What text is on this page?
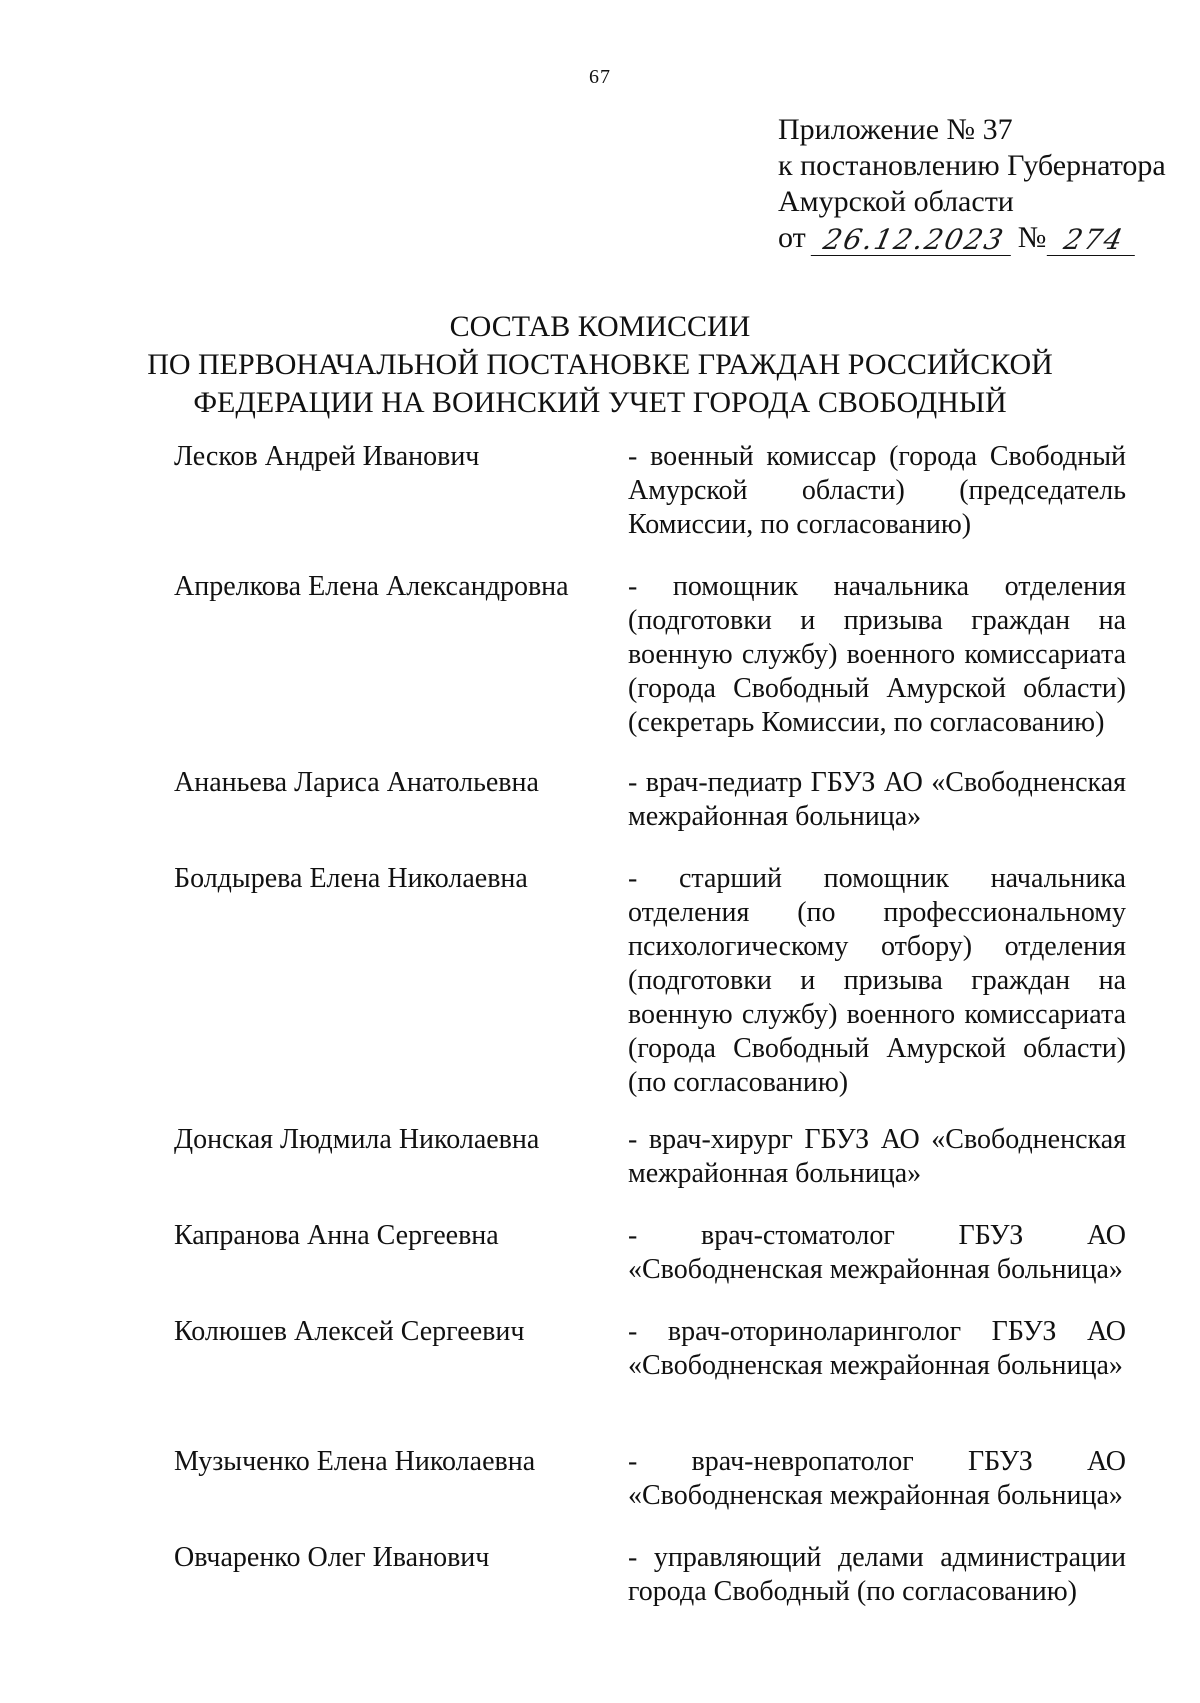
67
Приложение № 37
к постановлению Губернатора
Амурской области
от 26.12.2023 № 274
СОСТАВ КОМИССИИ
ПО ПЕРВОНАЧАЛЬНОЙ ПОСТАНОВКЕ ГРАЖДАН РОССИЙСКОЙ
ФЕДЕРАЦИИ НА ВОИНСКИЙ УЧЕТ ГОРОДА СВОБОДНЫЙ
Лесков Андрей Иванович	- военный комиссар (города Свободный Амурской области) (председатель Комиссии, по согласованию)
Апрелкова Елена Александровна	- помощник начальника отделения (подготовки и призыва граждан на военную службу) военного комиссариата (города Свободный Амурской области) (секретарь Комиссии, по согласованию)
Ананьева Лариса Анатольевна	- врач-педиатр ГБУЗ АО «Свободненская межрайонная больница»
Болдырева Елена Николаевна	- старший помощник начальника отделения (по профессиональному психологическому отбору) отделения (подготовки и призыва граждан на военную службу) военного комиссариата (города Свободный Амурской области) (по согласованию)
Донская Людмила Николаевна	- врач-хирург ГБУЗ АО «Свободненская межрайонная больница»
Капранова Анна Сергеевна	- врач-стоматолог ГБУЗ АО «Свободненская межрайонная больница»
Колюшев Алексей Сергеевич	- врач-оториноларинголог ГБУЗ АО «Свободненская межрайонная больница»
Музыченко Елена Николаевна	- врач-невропатолог ГБУЗ АО «Свободненская межрайонная больница»
Овчаренко Олег Иванович	- управляющий делами администрации города Свободный (по согласованию)
